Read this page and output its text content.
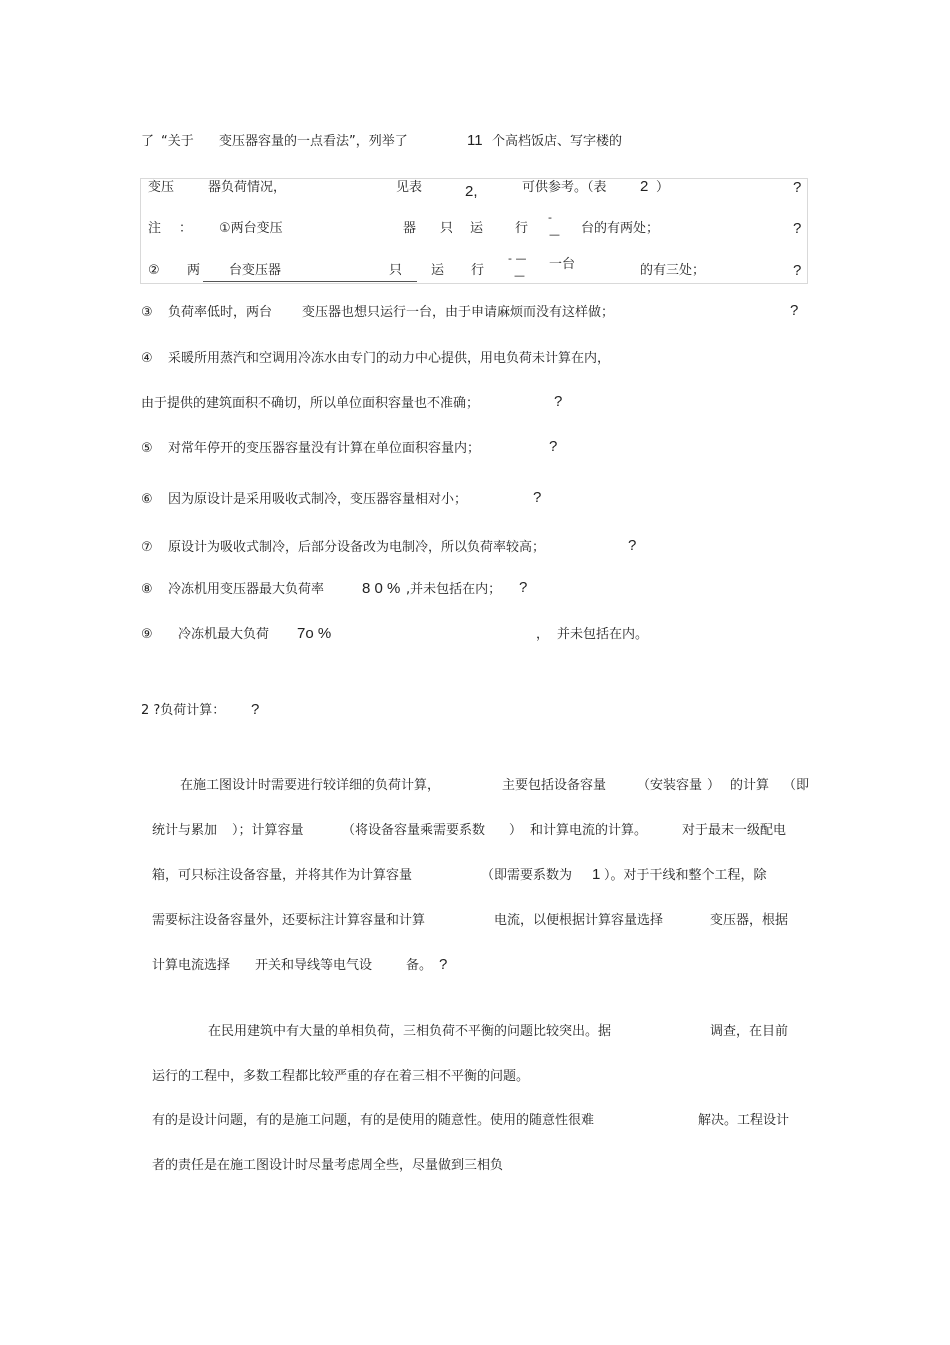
了 “关于 变压器容量的一点看法”，列举了	11 个高档饭店、写字楼的
变压	器负荷情况，	见表	2,	可供参考。（表 2 ）	?
注 ： ①两台变压	器 只 运 行
-
— 台的有两处；	?
② 两 台变压器	只 运 行
- —
—
一台	的有三处；	?
③ 负荷率低时，两台 变压器也想只运行一台，由于申请麻烦而没有这样做；	?
④ 采暖所用蒸汽和空调用冷冻水由专门的动力中心提供，用电负荷未计算在内，
由于提供的建筑面积不确切，所以单位面积容量也不准确；	?
⑤ 对常年停开的变压器容量没有计算在单位面积容量内；	?
⑥ 因为原设计是采用吸收式制冷，变压器容量相对小；	?
⑦ 原设计为吸收式制冷，后部分设备改为电制冷，所以负荷率较高；	?
⑧ 冷冻机用变压器最大负荷率	8 0 % ,并未包括在内； ?
⑨ 冷冻机最大负荷 7o %	， 并未包括在内。
2 ?负荷计算： ?
在施工图设计时需要进行较详细的负荷计算，	主要包括设备容量 （安装容量 ） 的计算 （即
统计与累加 ）；计算容量	（将设备容量乘需要系数 ） 和计算电流的计算。	对于最末一级配电
箱，可只标注设备容量，并将其作为计算容量	（即需要系数为 1 ）。对于干线和整个工程，除
需要标注设备容量外，还要标注计算容量和计算	电流，以便根据计算容量选择	变压器，根据
计算电流选择 开关和导线等电气设	备。 ?
在民用建筑中有大量的单相负荷，三相负荷不平衡的问题比较突出。据	调查，在目前
运行的工程中，多数工程都比较严重的存在着三相不平衡的问题。
有的是设计问题，有的是施工问题，有的是使用的随意性。使用的随意性很难	解决。工程设计
者的责任是在施工图设计时尽量考虑周全些，尽量做到三相负
